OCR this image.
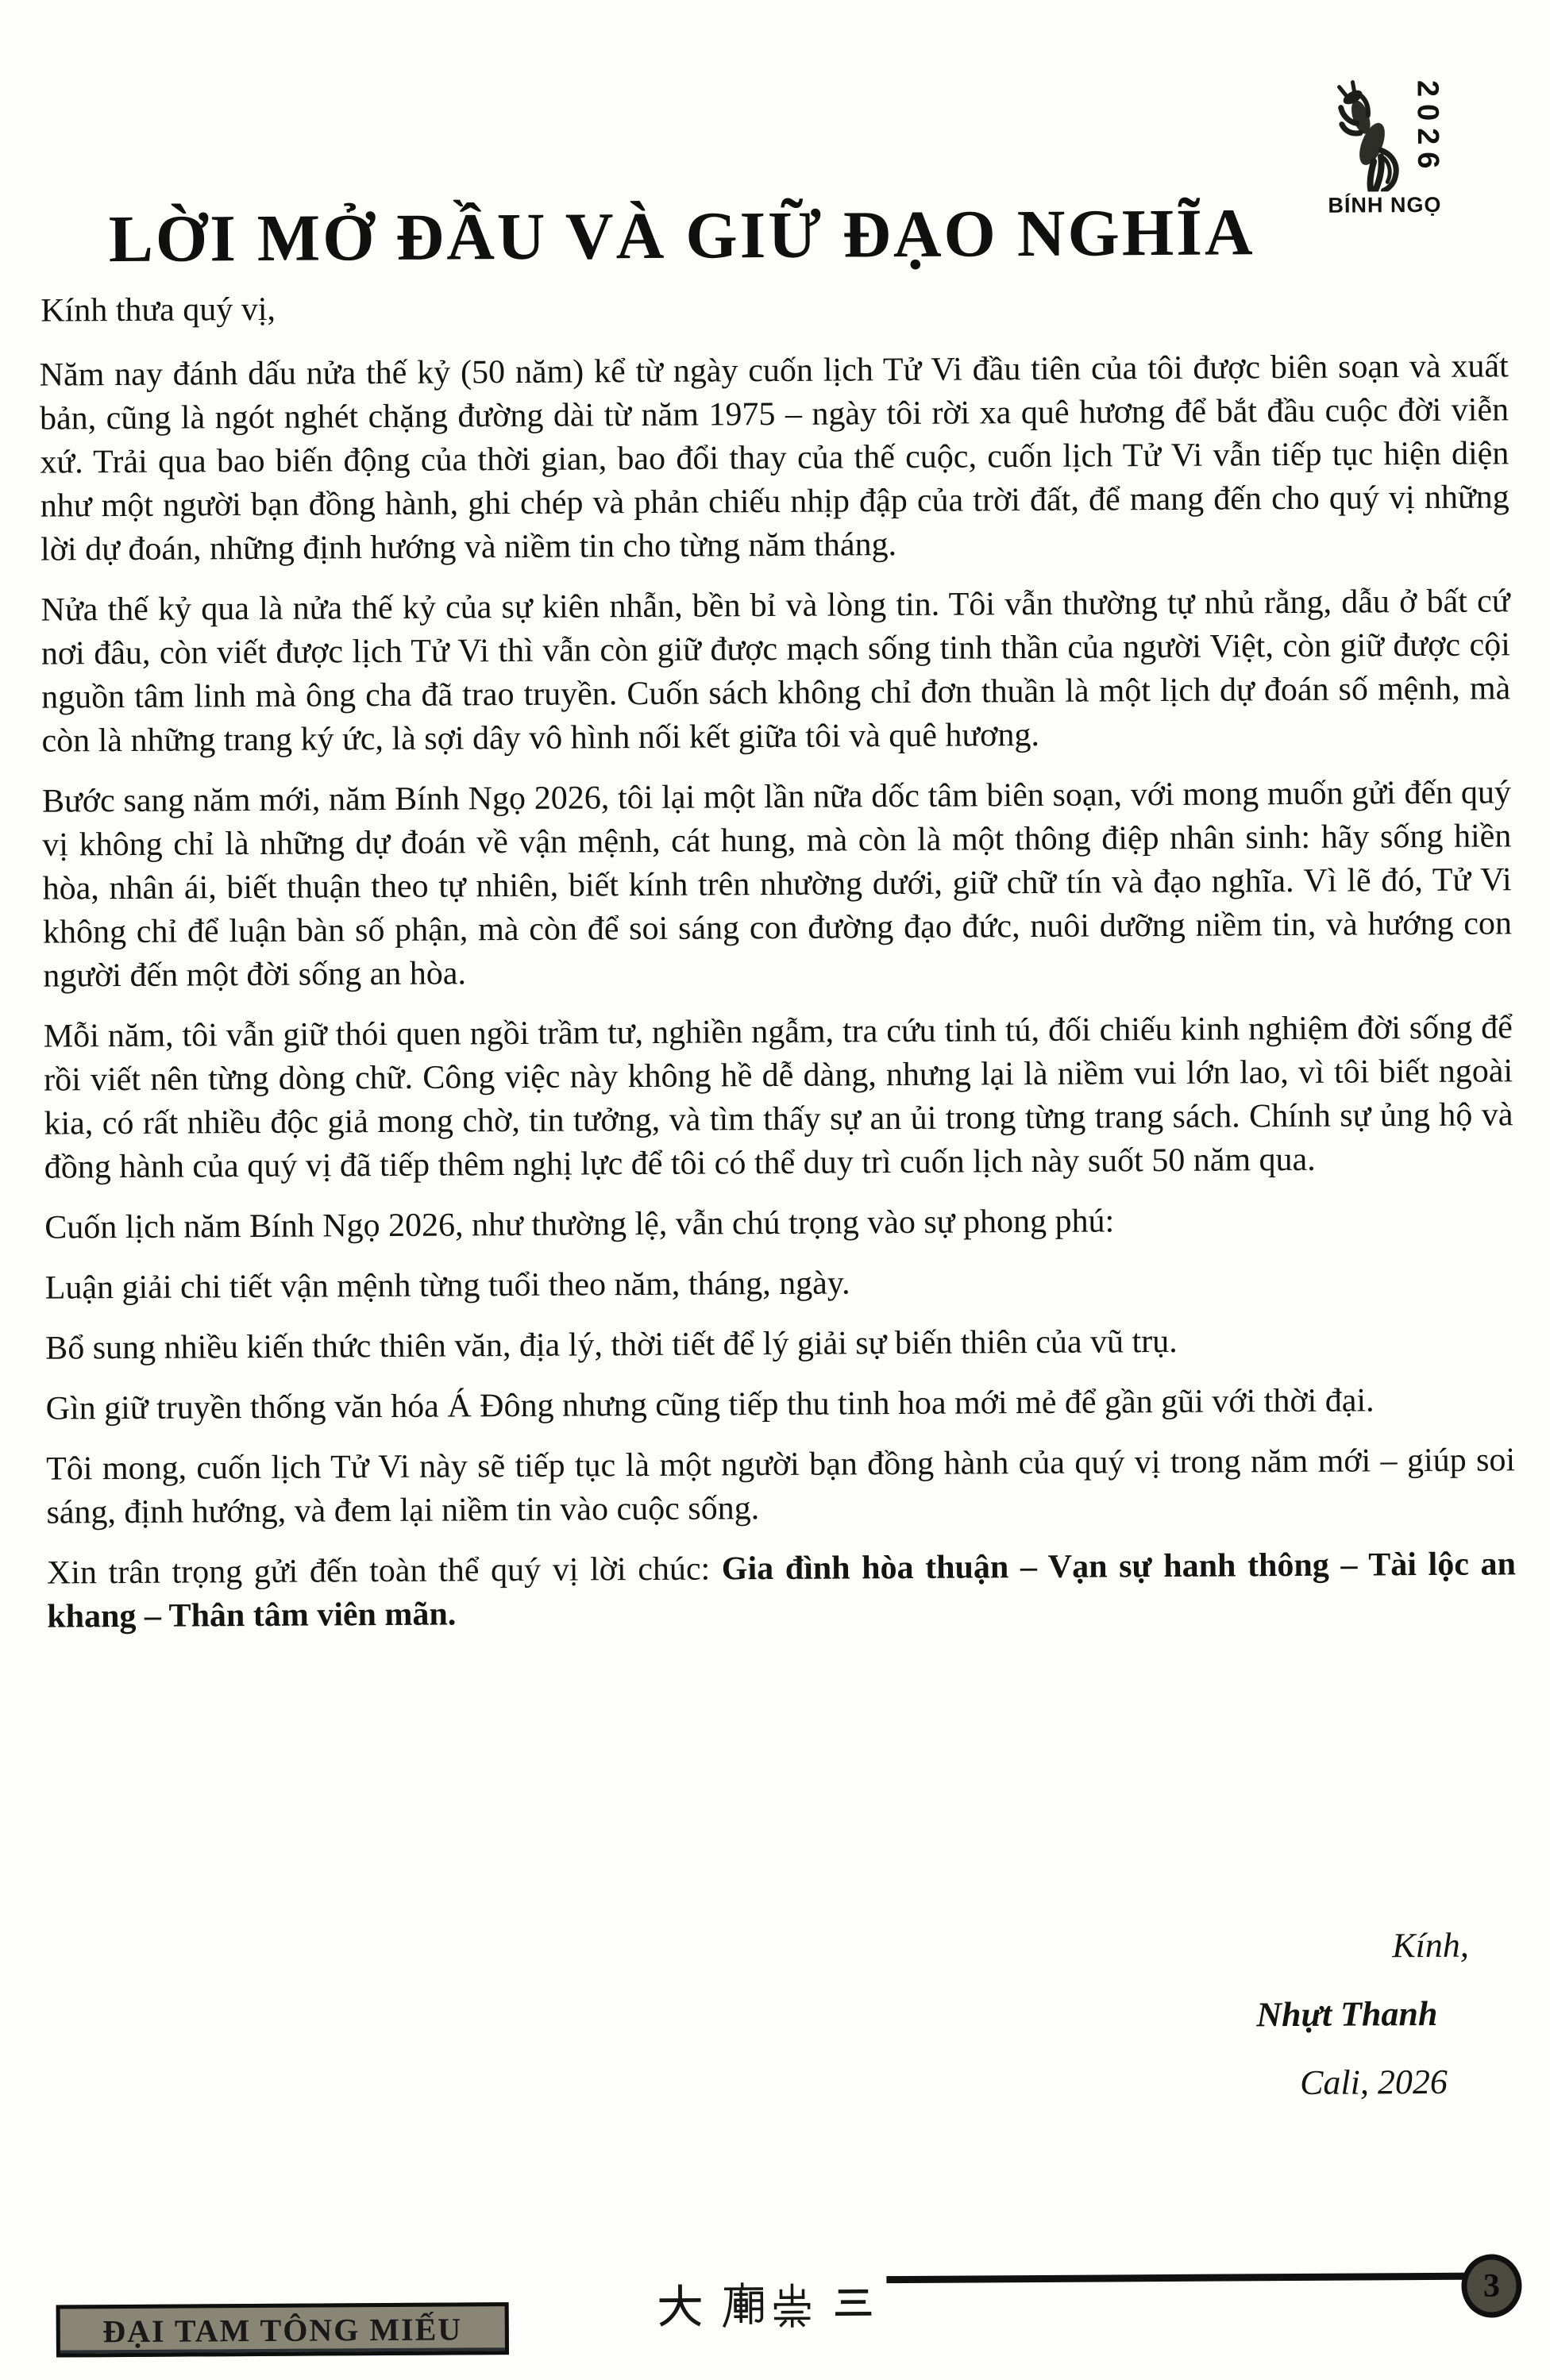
2026
BÍNH NGỌ
LỜI MỞ ĐẦU VÀ GIỮ ĐẠO NGHĨA
Kính thưa quý vị,

Năm nay đánh dấu nửa thế kỷ (50 năm) kể từ ngày cuốn lịch Tử Vi đầu tiên của tôi được biên soạn và xuất bản, cũng là ngót nghét chặng đường dài từ năm 1975 – ngày tôi rời xa quê hương để bắt đầu cuộc đời viễn xứ. Trải qua bao biến động của thời gian, bao đổi thay của thế cuộc, cuốn lịch Tử Vi vẫn tiếp tục hiện diện như một người bạn đồng hành, ghi chép và phản chiếu nhịp đập của trời đất, để mang đến cho quý vị những lời dự đoán, những định hướng và niềm tin cho từng năm tháng.

Nửa thế kỷ qua là nửa thế kỷ của sự kiên nhẫn, bền bỉ và lòng tin. Tôi vẫn thường tự nhủ rằng, dẫu ở bất cứ nơi đâu, còn viết được lịch Tử Vi thì vẫn còn giữ được mạch sống tinh thần của người Việt, còn giữ được cội nguồn tâm linh mà ông cha đã trao truyền. Cuốn sách không chỉ đơn thuần là một lịch dự đoán số mệnh, mà còn là những trang ký ức, là sợi dây vô hình nối kết giữa tôi và quê hương.

Bước sang năm mới, năm Bính Ngọ 2026, tôi lại một lần nữa dốc tâm biên soạn, với mong muốn gửi đến quý vị không chỉ là những dự đoán về vận mệnh, cát hung, mà còn là một thông điệp nhân sinh: hãy sống hiền hòa, nhân ái, biết thuận theo tự nhiên, biết kính trên nhường dưới, giữ chữ tín và đạo nghĩa. Vì lẽ đó, Tử Vi không chỉ để luận bàn số phận, mà còn để soi sáng con đường đạo đức, nuôi dưỡng niềm tin, và hướng con người đến một đời sống an hòa.

Mỗi năm, tôi vẫn giữ thói quen ngồi trầm tư, nghiền ngẫm, tra cứu tinh tú, đối chiếu kinh nghiệm đời sống để rồi viết nên từng dòng chữ. Công việc này không hề dễ dàng, nhưng lại là niềm vui lớn lao, vì tôi biết ngoài kia, có rất nhiều độc giả mong chờ, tin tưởng, và tìm thấy sự an ủi trong từng trang sách. Chính sự ủng hộ và đồng hành của quý vị đã tiếp thêm nghị lực để tôi có thể duy trì cuốn lịch này suốt 50 năm qua.

Cuốn lịch năm Bính Ngọ 2026, như thường lệ, vẫn chú trọng vào sự phong phú:

Luận giải chi tiết vận mệnh từng tuổi theo năm, tháng, ngày.

Bổ sung nhiều kiến thức thiên văn, địa lý, thời tiết để lý giải sự biến thiên của vũ trụ.

Gìn giữ truyền thống văn hóa Á Đông nhưng cũng tiếp thu tinh hoa mới mẻ để gần gũi với thời đại.

Tôi mong, cuốn lịch Tử Vi này sẽ tiếp tục là một người bạn đồng hành của quý vị trong năm mới – giúp soi sáng, định hướng, và đem lại niềm tin vào cuộc sống.

Xin trân trọng gửi đến toàn thể quý vị lời chúc: Gia đình hòa thuận – Vạn sự hanh thông – Tài lộc an khang – Thân tâm viên mãn.

Kính,
Nhựt Thanh
Cali, 2026
ĐẠI TAM TÔNG MIẾU
3
